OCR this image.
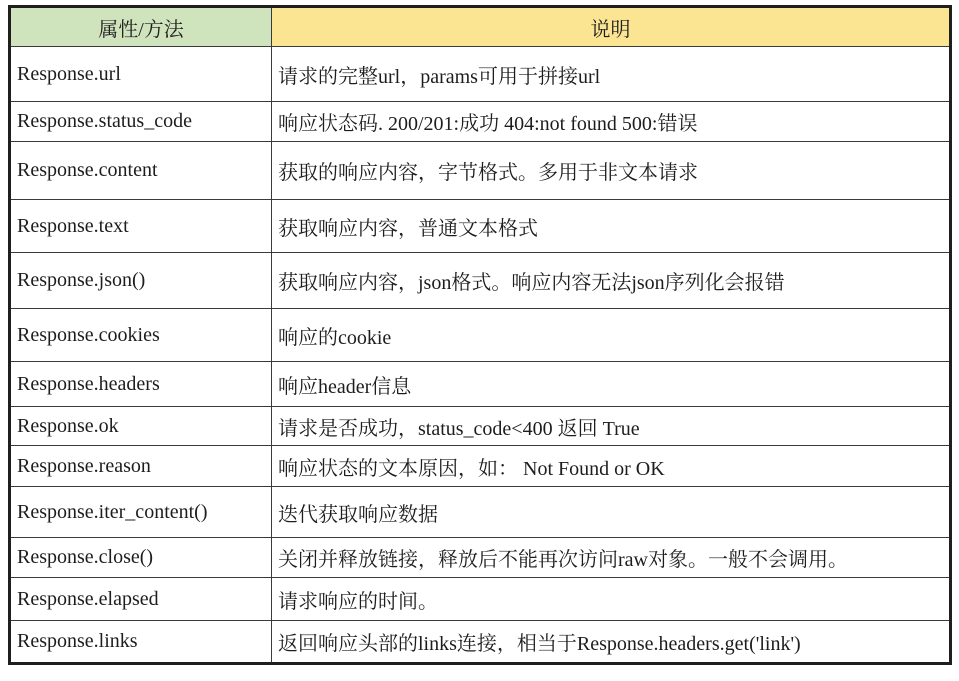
属性/方法	说明
Response.url	请求的完整url，params可用于拼接url
Response.status_code	响应状态码. 200/201:成功 404:not found 500:错误
Response.content	获取的响应内容，字节格式。多用于非文本请求
Response.text	获取响应内容，普通文本格式
Response.json()	获取响应内容，json格式。响应内容无法json序列化会报错
Response.cookies	响应的cookie
Response.headers	响应header信息
Response.ok	请求是否成功，status_code<400 返回 True
Response.reason	响应状态的文本原因，如： Not Found or OK
Response.iter_content()	迭代获取响应数据
Response.close()	关闭并释放链接，释放后不能再次访问raw对象。一般不会调用。
Response.elapsed	请求响应的时间。
Response.links	返回响应头部的links连接，相当于Response.headers.get('link')
